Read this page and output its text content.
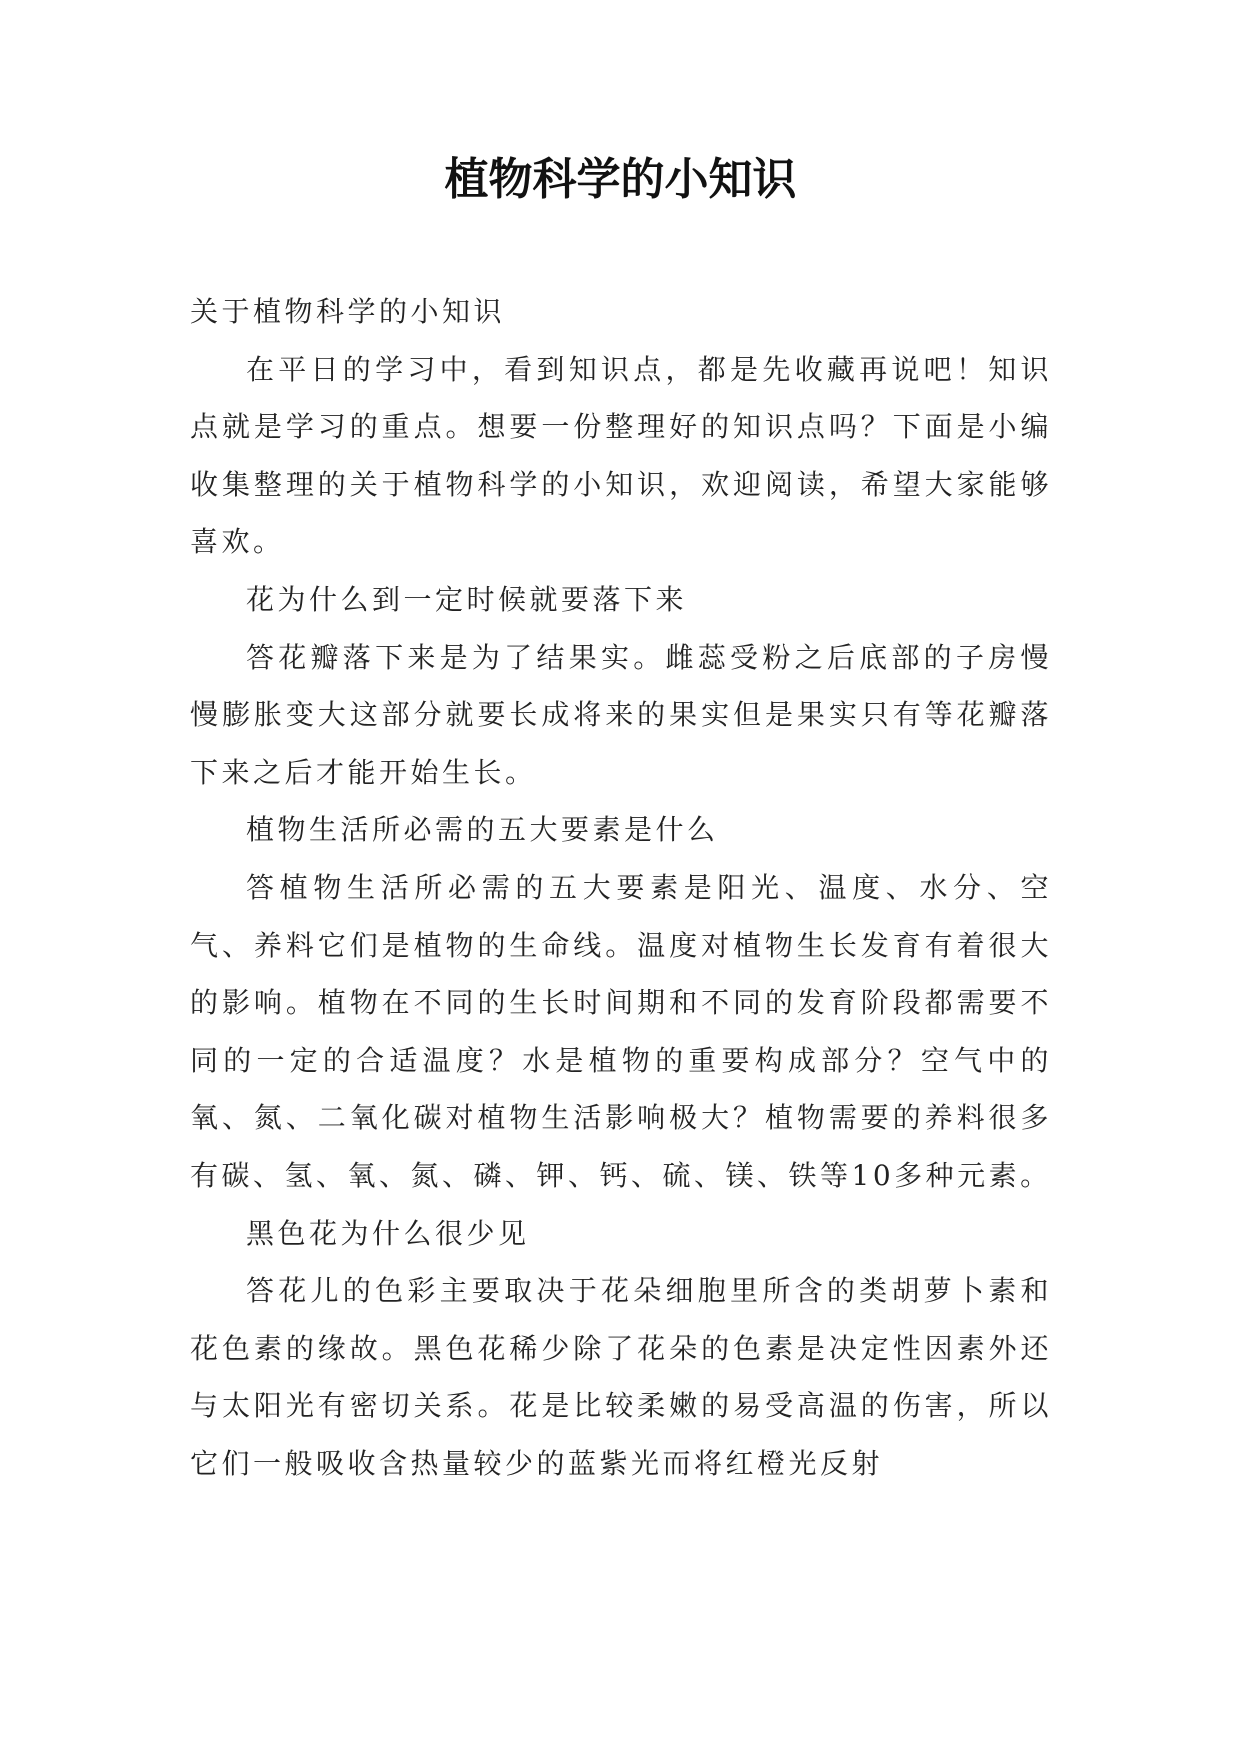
植物科学的小知识

关于植物科学的小知识

在平日的学习中，看到知识点，都是先收藏再说吧！知识点就是学习的重点。想要一份整理好的知识点吗？下面是小编收集整理的关于植物科学的小知识，欢迎阅读，希望大家能够喜欢。

花为什么到一定时候就要落下来

答花瓣落下来是为了结果实。雌蕊受粉之后底部的子房慢慢膨胀变大这部分就要长成将来的果实但是果实只有等花瓣落下来之后才能开始生长。

植物生活所必需的五大要素是什么

答植物生活所必需的五大要素是阳光、温度、水分、空气、养料它们是植物的生命线。温度对植物生长发育有着很大的影响。植物在不同的生长时间期和不同的发育阶段都需要不同的一定的合适温度？水是植物的重要构成部分？空气中的氧、氮、二氧化碳对植物生活影响极大？植物需要的养料很多有碳、氢、氧、氮、磷、钾、钙、硫、镁、铁等10多种元素。

黑色花为什么很少见

答花儿的色彩主要取决于花朵细胞里所含的类胡萝卜素和花色素的缘故。黑色花稀少除了花朵的色素是决定性因素外还与太阳光有密切关系。花是比较柔嫩的易受高温的伤害，所以它们一般吸收含热量较少的蓝紫光而将红橙光反射
